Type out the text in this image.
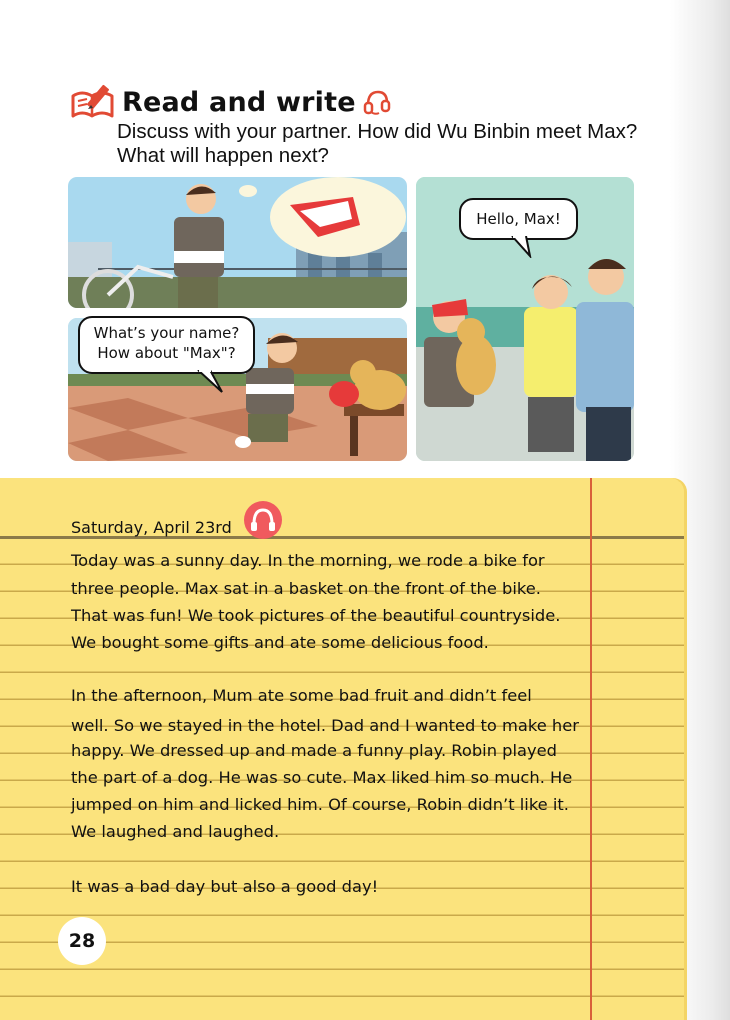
Read and write
Discuss with your partner. How did Wu Binbin meet Max? What will happen next?
What’s your name?
How about "Max"?
Hello, Max!
Saturday, April 23rd
Today was a sunny day. In the morning, we rode a bike for
three people. Max sat in a basket on the front of the bike.
That was fun! We took pictures of the beautiful countryside.
We bought some gifts and ate some delicious food.
In the afternoon, Mum ate some bad fruit and didn’t feel
well. So we stayed in the hotel. Dad and I wanted to make her
happy. We dressed up and made a funny play. Robin played
the part of a dog. He was so cute. Max liked him so much. He
jumped on him and licked him. Of course, Robin didn’t like it.
We laughed and laughed.
It was a bad day but also a good day!
28
